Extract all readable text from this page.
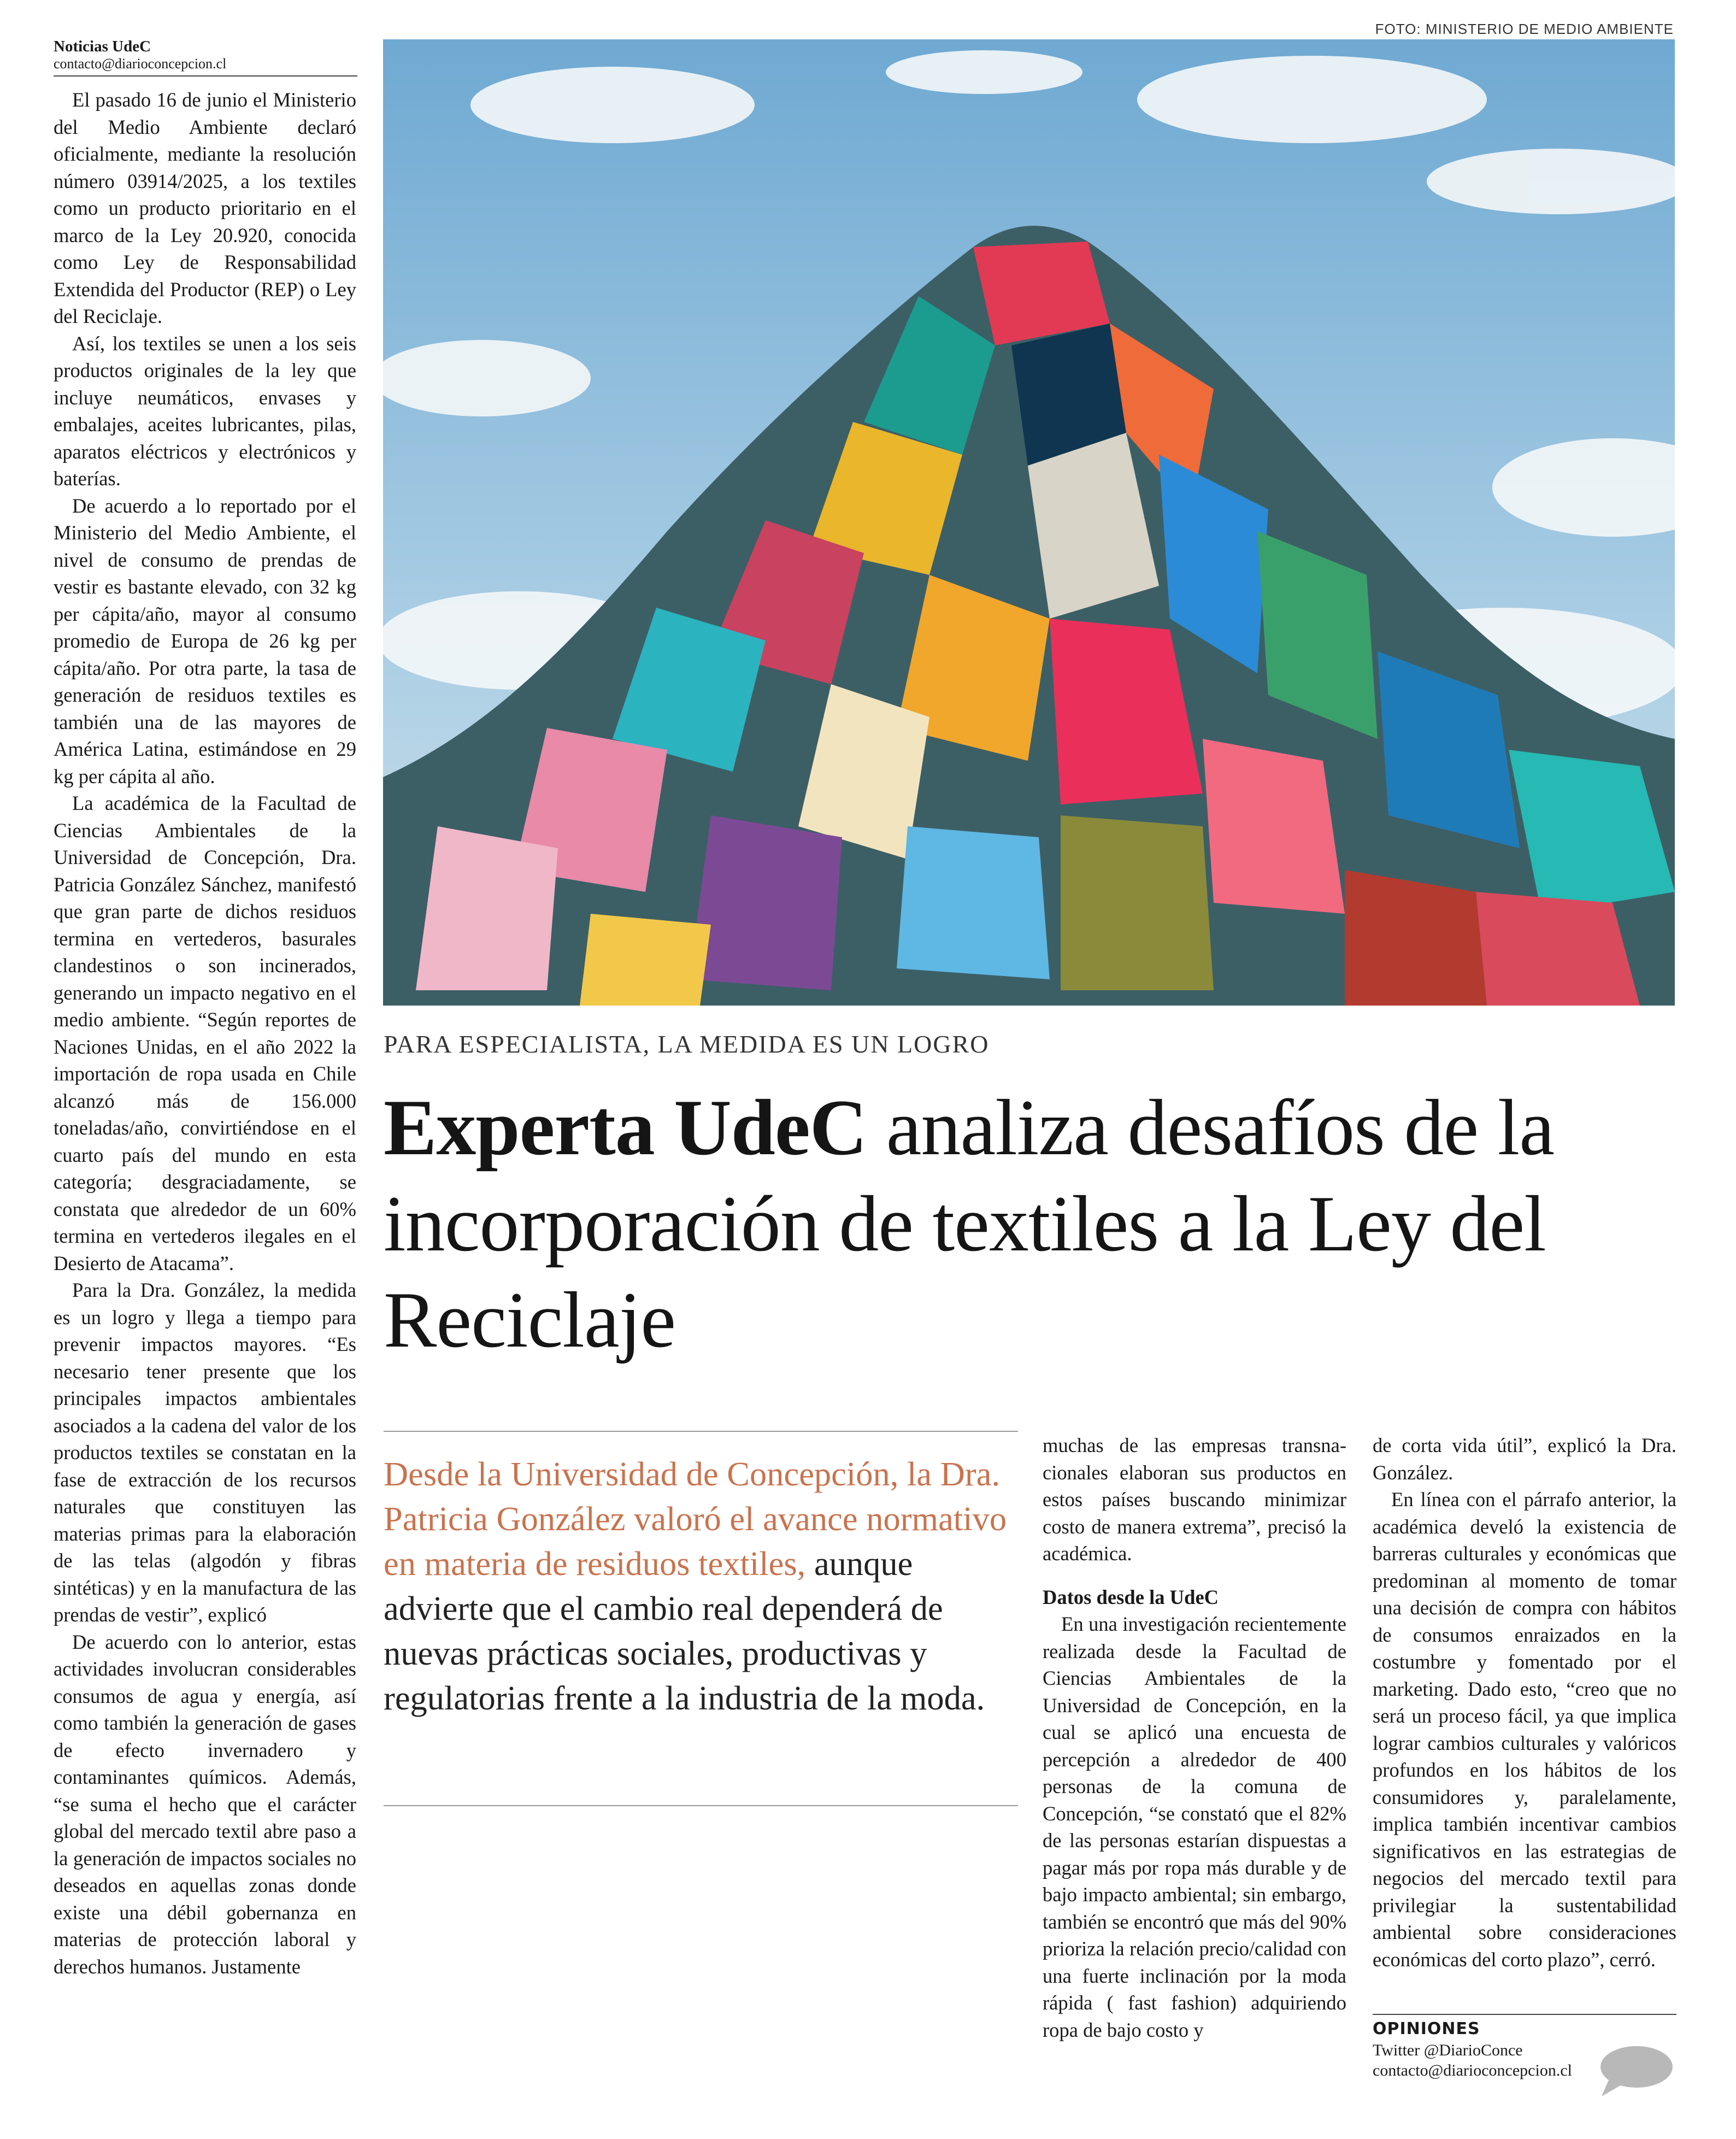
FOTO: MINISTERIO DE MEDIO AMBIENTE
Noticias UdeC
contacto@diarioconcepcion.cl

El pasado 16 de junio el Ministerio del Medio Ambiente declaró oficialmente, mediante la resolución número 03914/2025, a los textiles como un producto prioritario en el marco de la Ley 20.920, conocida como Ley de Responsabilidad Extendida del Productor (REP) o Ley del Reciclaje.

Así, los textiles se unen a los seis productos originales de la ley que incluye neumáticos, envases y embalajes, aceites lubricantes, pilas, aparatos eléctricos y electrónicos y baterías.

De acuerdo a lo reportado por el Ministerio del Medio Ambiente, el nivel de consumo de prendas de vestir es bastante elevado, con 32 kg per cápita/año, mayor al consumo promedio de Europa de 26 kg per cápita/año. Por otra parte, la tasa de generación de residuos textiles es también una de las mayores de América Latina, estimándose en 29 kg per cápita al año.

La académica de la Facultad de Ciencias Ambientales de la Universidad de Concepción, Dra. Patricia González Sánchez, manifestó que gran parte de dichos residuos termina en vertederos, basurales clandestinos o son incinerados, generando un impacto negativo en el medio ambiente. “Según reportes de Naciones Unidas, en el año 2022 la importación de ropa usada en Chile alcanzó más de 156.000 toneladas/año, convirtiéndose en el cuarto país del mundo en esta categoría; desgraciadamente, se constata que alrededor de un 60% termina en vertederos ilegales en el Desierto de Atacama”.

Para la Dra. González, la medida es un logro y llega a tiempo para prevenir impactos mayores. “Es necesario tener presente que los principales impactos ambientales asociados a la cadena del valor de los productos textiles se constatan en la fase de extracción de los recursos naturales que constituyen las materias primas para la elaboración de las telas (algodón y fibras sintéticas) y en la manufactura de las prendas de vestir”, explicó

De acuerdo con lo anterior, estas actividades involucran considerables consumos de agua y energía, así como también la generación de gases de efecto invernadero y contaminantes químicos. Además, “se suma el hecho que el carácter global del mercado textil abre paso a la generación de impactos sociales no deseados en aquellas zonas donde existe una débil gobernanza en materias de protección laboral y derechos humanos. Justamente

PARA ESPECIALISTA, LA MEDIDA ES UN LOGRO
Experta UdeC analiza desafíos de la incorporación de textiles a la Ley del Reciclaje
Desde la Universidad de Concepción, la Dra. Patricia González valoró el avance normativo en materia de residuos textiles, aunque advierte que el cambio real dependerá de nuevas prácticas sociales, productivas y regulatorias frente a la industria de la moda.

muchas de las empresas transnacionales elaboran sus productos en estos países buscando minimizar costo de manera extrema”, precisó la académica.

Datos desde la UdeC

En una investigación recientemente realizada desde la Facultad de Ciencias Ambientales de la Universidad de Concepción, en la cual se aplicó una encuesta de percepción a alrededor de 400 personas de la comuna de Concepción, “se constató que el 82% de las personas estarían dispuestas a pagar más por ropa más durable y de bajo impacto ambiental; sin embargo, también se encontró que más del 90% prioriza la relación precio/calidad con una fuerte inclinación por la moda rápida ( fast fashion) adquiriendo ropa de bajo costo y

de corta vida útil”, explicó la Dra. González.

En línea con el párrafo anterior, la académica develó la existencia de barreras culturales y económicas que predominan al momento de tomar una decisión de compra con hábitos de consumos enraizados en la costumbre y fomentado por el marketing. Dado esto, “creo que no será un proceso fácil, ya que implica lograr cambios culturales y valóricos profundos en los hábitos de los consumidores y, paralelamente, implica también incentivar cambios significativos en las estrategias de negocios del mercado textil para privilegiar la sustentabilidad ambiental sobre consideraciones económicas del corto plazo”, cerró.

OPINIONES
Twitter @DiarioConce
contacto@diarioconcepcion.cl
